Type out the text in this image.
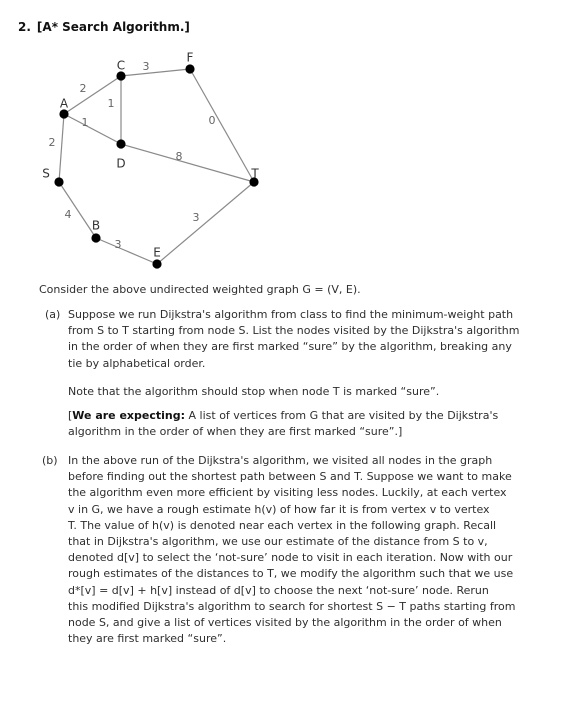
2. [A* Search Algorithm.]
2
3
1
1
2
0
8
4
3
3
A
C
F
S
D
T
B
E
Consider the above undirected weighted graph G = (V, E).
(a) Suppose we run Dijkstra's algorithm from class to find the minimum-weight path
from S to T starting from node S. List the nodes visited by the Dijkstra's algorithm
in the order of when they are first marked “sure” by the algorithm, breaking any
tie by alphabetical order.
Note that the algorithm should stop when node T is marked “sure”.
[We are expecting: A list of vertices from G that are visited by the Dijkstra's
algorithm in the order of when they are first marked “sure”.]
(b) In the above run of the Dijkstra's algorithm, we visited all nodes in the graph
before finding out the shortest path between S and T. Suppose we want to make
the algorithm even more efficient by visiting less nodes. Luckily, at each vertex
v in G, we have a rough estimate h(v) of how far it is from vertex v to vertex
T. The value of h(v) is denoted near each vertex in the following graph. Recall
that in Dijkstra's algorithm, we use our estimate of the distance from S to v,
denoted d[v] to select the ‘not-sure’ node to visit in each iteration. Now with our
rough estimates of the distances to T, we modify the algorithm such that we use
d*[v] = d[v] + h[v] instead of d[v] to choose the next ‘not-sure’ node. Rerun
this modified Dijkstra's algorithm to search for shortest S − T paths starting from
node S, and give a list of vertices visited by the algorithm in the order of when
they are first marked “sure”.
